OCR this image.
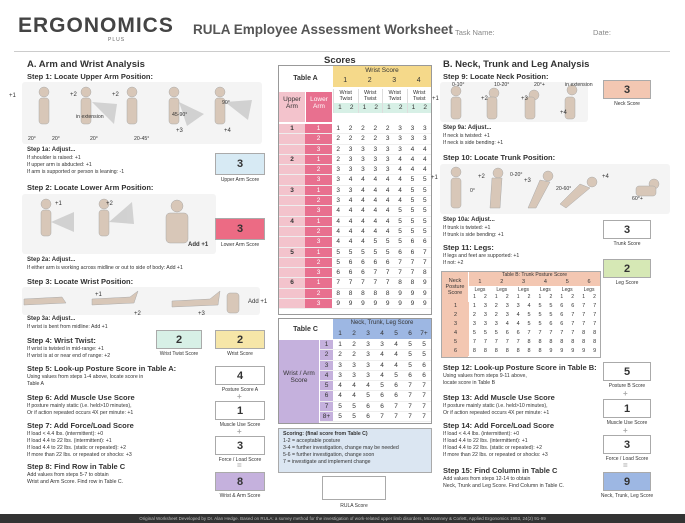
ERGONOMICS
PLUS
RULA Employee Assessment Worksheet Task Name:	Date:
A. Arm and Wrist Analysis
Step 1: Locate Upper Arm Position:
+1	+2	+2
+3	+4
20°	20°	20°
in extension
20-45°
45-90°
90°
Step 1a: Adjust...
If shoulder is raised: +1
If upper arm is abducted: +1
If arm is supported or person is leaning: -1
3
Upper Arm Score
Step 2: Locate Lower Arm Position:
+1	+2
Add +1
Step 2a: Adjust...
If either arm is working across midline or out to side of body: Add +1
3
Lower Arm Score
Step 3: Locate Wrist Position:
+1
+2	+3
Add +1
Step 3a: Adjust...
If wrist is bent from midline: Add +1
Step 4: Wrist Twist:
If wrist is twisted in mid-range: +1
If wrist is at or near end of range: +2
2
Wrist Twist Score
2
Wrist Score
Step 5: Look-up Posture Score in Table A:
Using values from steps 1-4 above, locate score in
Table A
4
Posture Score A
+
Step 6: Add Muscle Use Score
If posture mainly static (i.e. held>10 minutes),
Or if action repeated occurs 4X per minute: +1	1
Muscle Use Score
+
Step 7: Add Force/Load Score
If load < 4.4 lbs. (intermittent): +0
If load 4.4 to 22 lbs. (intermittent): +1
If load 4.4 to 22 lbs. (static or repeated): +2
If more than 22 lbs. or repeated or shocks: +3
3
Force / Load Score
=
Step 8: Find Row in Table C
Add values from steps 5-7 to obtain
Wrist and Arm Score. Find row in Table C.	8
Wrist & Arm Score
Scores
Table A
Wrist Score
1	2	3	4
Wrist Twist
1	2
Wrist Twist
1	2
Wrist Twist
1	2
Wrist Twist
1	2
Upper Arm
Lower Arm
1	1	1	2	2	2	2	3	3	3
2	2	2	2	2	3	3	3	3
3	2	3	3	3	3	3	4	4
2	1	2	3	3	3	3	4	4	4
2	3	3	3	3	3	4	4	4
3	3	4	4	4	4	4	5	5
3	1	3	3	4	4	4	4	5	5
2	3	4	4	4	4	4	5	5
3	4	4	4	4	4	5	5	5
4	1	4	4	4	4	4	5	5	5
2	4	4	4	4	4	5	5	5
3	4	4	4	5	5	5	6	6
5	1	5	5	5	5	5	6	6	7
2	5	6	6	6	6	7	7	7
3	6	6	6	7	7	7	7	8
6	1	7	7	7	7	7	8	8	9
2	8	8	8	8	8	9	9	9
3	9	9	9	9	9	9	9	9
Table C
Neck, Trunk, Leg Score
1	2	3	4	5	6	7+
Wrist / Arm Score
1	1	2	3	3	4	5	5
2	2	2	3	4	4	5	5
3	3	3	3	4	4	5	6
4	3	3	3	4	5	6	6
5	4	4	4	5	6	7	7
6	4	4	5	6	6	7	7
7	5	5	6	6	7	7	7
8+	5	5	6	7	7	7	7
Scoring: (final score from Table C)
1-2 = acceptable posture
3-4 = further investigation, change may be needed
5-6 = further investigation, change soon
7 = investigate and implement change
RULA Score
B. Neck, Trunk and Leg Analysis
Step 9: Locate Neck Position:
+1	+2	+3
+4
0-10°	10-20°	20°+	in extension
Step 9a: Adjust...
If neck is twisted: +1
If neck is side bending: +1
3
Neck Score
Step 10: Locate Trunk Position:
+1	+2
+3
+4
0°
0-20°
20-60°
60°+
Step 10a: Adjust...
If trunk is twisted: +1
If trunk is side bending: +1	3
Trunk Score
Step 11: Legs:
If legs and feet are supported: +1
If not: +2	2
Leg Score
Neck Posture Score
Table B: Trunk Posture Score
1	2	3	4	5	6
Legs
1	2
Legs
1	2
Legs
1	2
Legs
1	2
Legs
1	2
Legs
1	2
1	1	3	2	3	3	4	5	5	6	6	7	7
2	2	3	2	3	4	5	5	5	6	7	7	7
3	3	3	3	4	4	5	5	6	6	7	7	7
4	5	5	5	6	6	7	7	7	7	7	8	8
5	7	7	7	7	7	8	8	8	8	8	8	8
6	8	8	8	8	8	8	8	9	9	9	9	9
Step 12: Look-up Posture Score in Table B:
Using values from steps 9-11 above,
locate score in Table B
5
Posture B Score
+
Step 13: Add Muscle Use Score
If posture mainly static (i.e. held>10 minutes),
Or if action repeated occurs 4X per minute: +1	1
Muscle Use Score
+
Step 14: Add Force/Load Score
If load < 4.4 lbs. (intermittent): +0
If load 4.4 to 22 lbs. (intermittent): +1
If load 4.4 to 22 lbs. (static or repeated): +2
If more than 22 lbs. or repeated or shocks: +3
3
Force / Load Score
=
Step 15: Find Column in Table C
Add values from steps 12-14 to obtain
Neck, Trunk and Leg Score. Find Column in Table C.	9
Neck, Trunk, Leg Score
Original Worksheet Developed by Dr. Alan Hedge. Based on RULA: a survey method for the investigation of work-related upper limb disorders, McAtamney & Corlett, Applied Ergonomics 1993, 24(2) 91-99
